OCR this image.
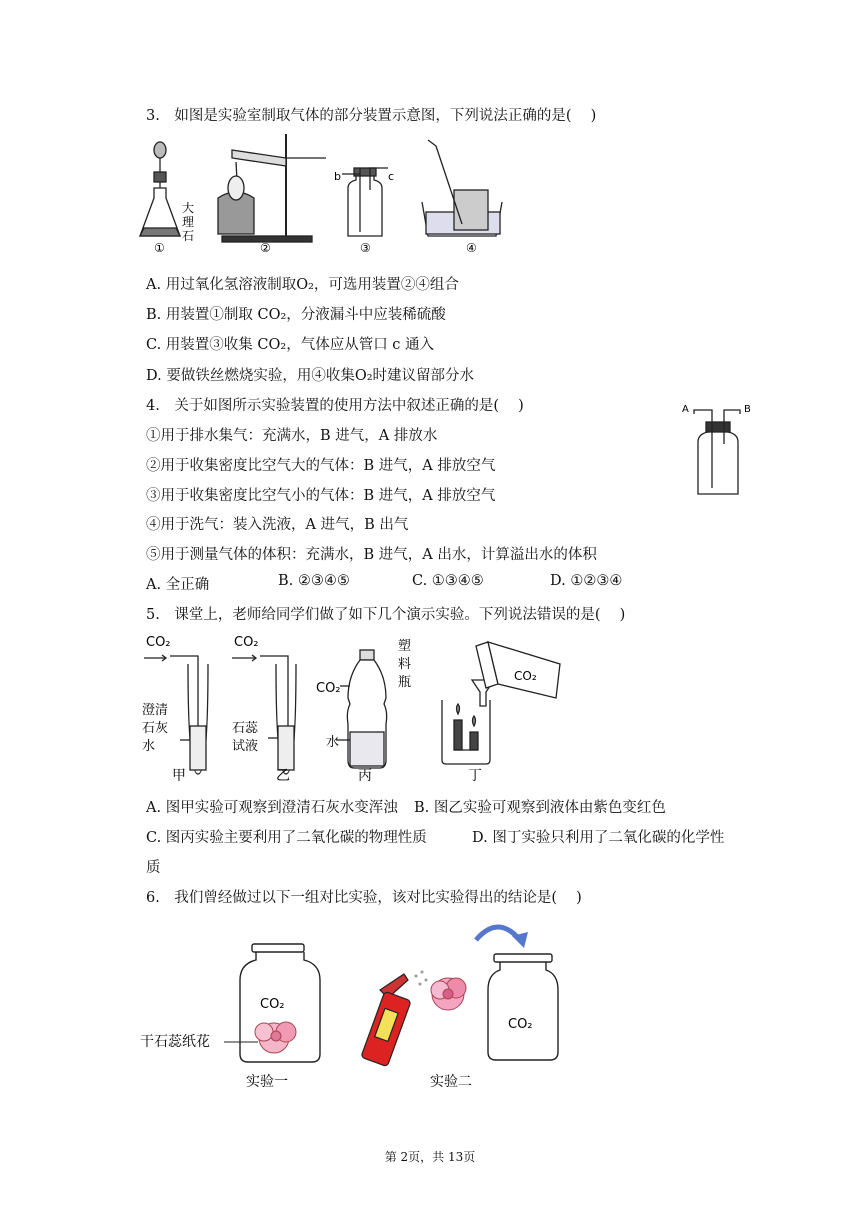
3.　如图是实验室制取气体的部分装置示意图，下列说法正确的是(　 )
大
理
石
①	②
b	c
③	④
A. 用过氧化氢溶液制取O₂，可选用装置②④组合
B. 用装置①制取 CO₂，分液漏斗中应装稀硫酸
C. 用装置③收集 CO₂，气体应从管口 c 通入
D. 要做铁丝燃烧实验，用④收集O₂时建议留部分水
4.　关于如图所示实验装置的使用方法中叙述正确的是(　 )
①用于排水集气：充满水，B 进气，A 排放水
②用于收集密度比空气大的气体：B 进气，A 排放空气
③用于收集密度比空气小的气体：B 进气，A 排放空气
④用于洗气：装入洗液，A 进气，B 出气
⑤用于测量气体的体积：充满水，B 进气，A 出水，计算溢出水的体积
A. 全正确	B. ②③④⑤	C. ①③④⑤	D. ①②③④
A	B
5.　课堂上，老师给同学们做了如下几个演示实验。下列说法错误的是(　 )
CO₂
澄清
石灰
水
甲
CO₂
石蕊
试液
乙
CO₂
水
塑
料
瓶
丙
CO₂
丁
A. 图甲实验可观察到澄清石灰水变浑浊 B. 图乙实验可观察到液体由紫色变红色
C. 图丙实验主要利用了二氧化碳的物理性质	D. 图丁实验只利用了二氧化碳的化学性
质
6.　我们曾经做过以下一组对比实验，该对比实验得出的结论是(　 )
CO₂
干石蕊纸花
实验一
CO₂
实验二
第 2页，共 13页
